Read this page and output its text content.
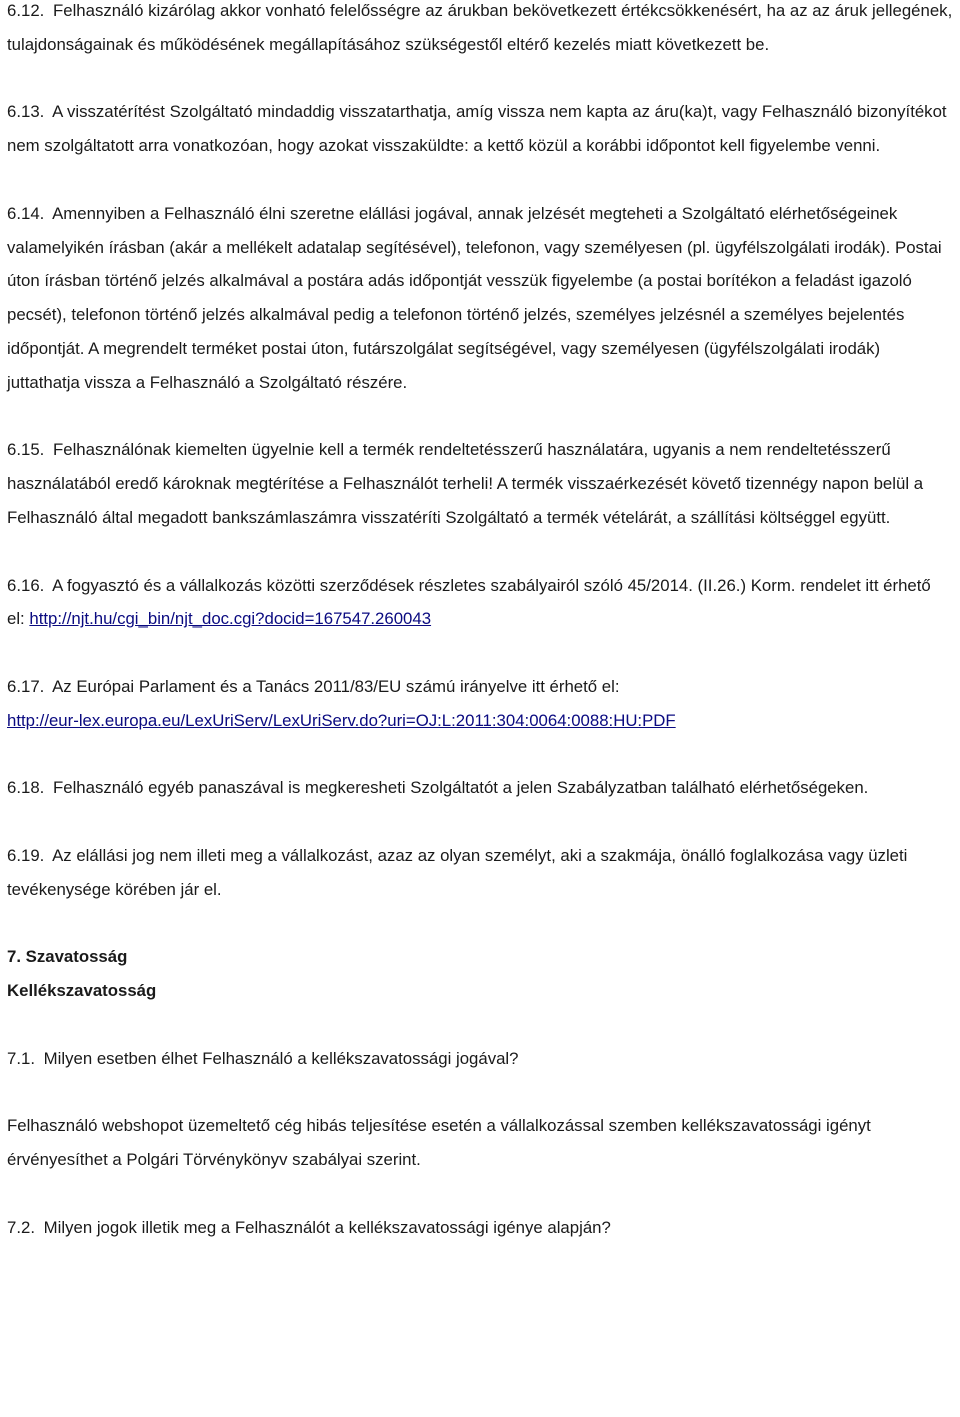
6.12. Felhasználó kizárólag akkor vonható felelősségre az árukban bekövetkezett értékcsökkenésért, ha az az áruk jellegének, tulajdonságainak és működésének megállapításához szükségestől eltérő kezelés miatt következett be.

6.13. A visszatérítést Szolgáltató mindaddig visszatarthatja, amíg vissza nem kapta az áru(ka)t, vagy Felhasználó bizonyítékot nem szolgáltatott arra vonatkozóan, hogy azokat visszaküldte: a kettő közül a korábbi időpontot kell figyelembe venni.

6.14. Amennyiben a Felhasználó élni szeretne elállási jogával, annak jelzését megteheti a Szolgáltató elérhetőségeinek valamelyikén írásban (akár a mellékelt adatalap segítésével), telefonon, vagy személyesen (pl. ügyfélszolgálati irodák). Postai úton írásban történő jelzés alkalmával a postára adás időpontját vesszük figyelembe (a postai borítékon a feladást igazoló pecsét), telefonon történő jelzés alkalmával pedig a telefonon történő jelzés, személyes jelzésnél a személyes bejelentés időpontját. A megrendelt terméket postai úton, futárszolgálat segítségével, vagy személyesen (ügyfélszolgálati irodák) juttathatja vissza a Felhasználó a Szolgáltató részére.

6.15. Felhasználónak kiemelten ügyelnie kell a termék rendeltetésszerű használatára, ugyanis a nem rendeltetésszerű használatából eredő károknak megtérítése a Felhasználót terheli! A termék visszaérkezését követő tizennégy napon belül a Felhasználó által megadott bankszámlaszámra visszatéríti Szolgáltató a termék vételárát, a szállítási költséggel együtt.

6.16. A fogyasztó és a vállalkozás közötti szerződések részletes szabályairól szóló 45/2014. (II.26.) Korm. rendelet itt érhető el: http://njt.hu/cgi_bin/njt_doc.cgi?docid=167547.260043

6.17. Az Európai Parlament és a Tanács 2011/83/EU számú irányelve itt érhető el:
http://eur-lex.europa.eu/LexUriServ/LexUriServ.do?uri=OJ:L:2011:304:0064:0088:HU:PDF

6.18. Felhasználó egyéb panaszával is megkeresheti Szolgáltatót a jelen Szabályzatban található elérhetőségeken.

6.19. Az elállási jog nem illeti meg a vállalkozást, azaz az olyan személyt, aki a szakmája, önálló foglalkozása vagy üzleti tevékenysége körében jár el.

7. Szavatosság

Kellékszavatosság

7.1. Milyen esetben élhet Felhasználó a kellékszavatossági jogával?

Felhasználó webshopot üzemeltető cég hibás teljesítése esetén a vállalkozással szemben kellékszavatossági igényt érvényesíthet a Polgári Törvénykönyv szabályai szerint.

7.2. Milyen jogok illetik meg a Felhasználót a kellékszavatossági igénye alapján?
